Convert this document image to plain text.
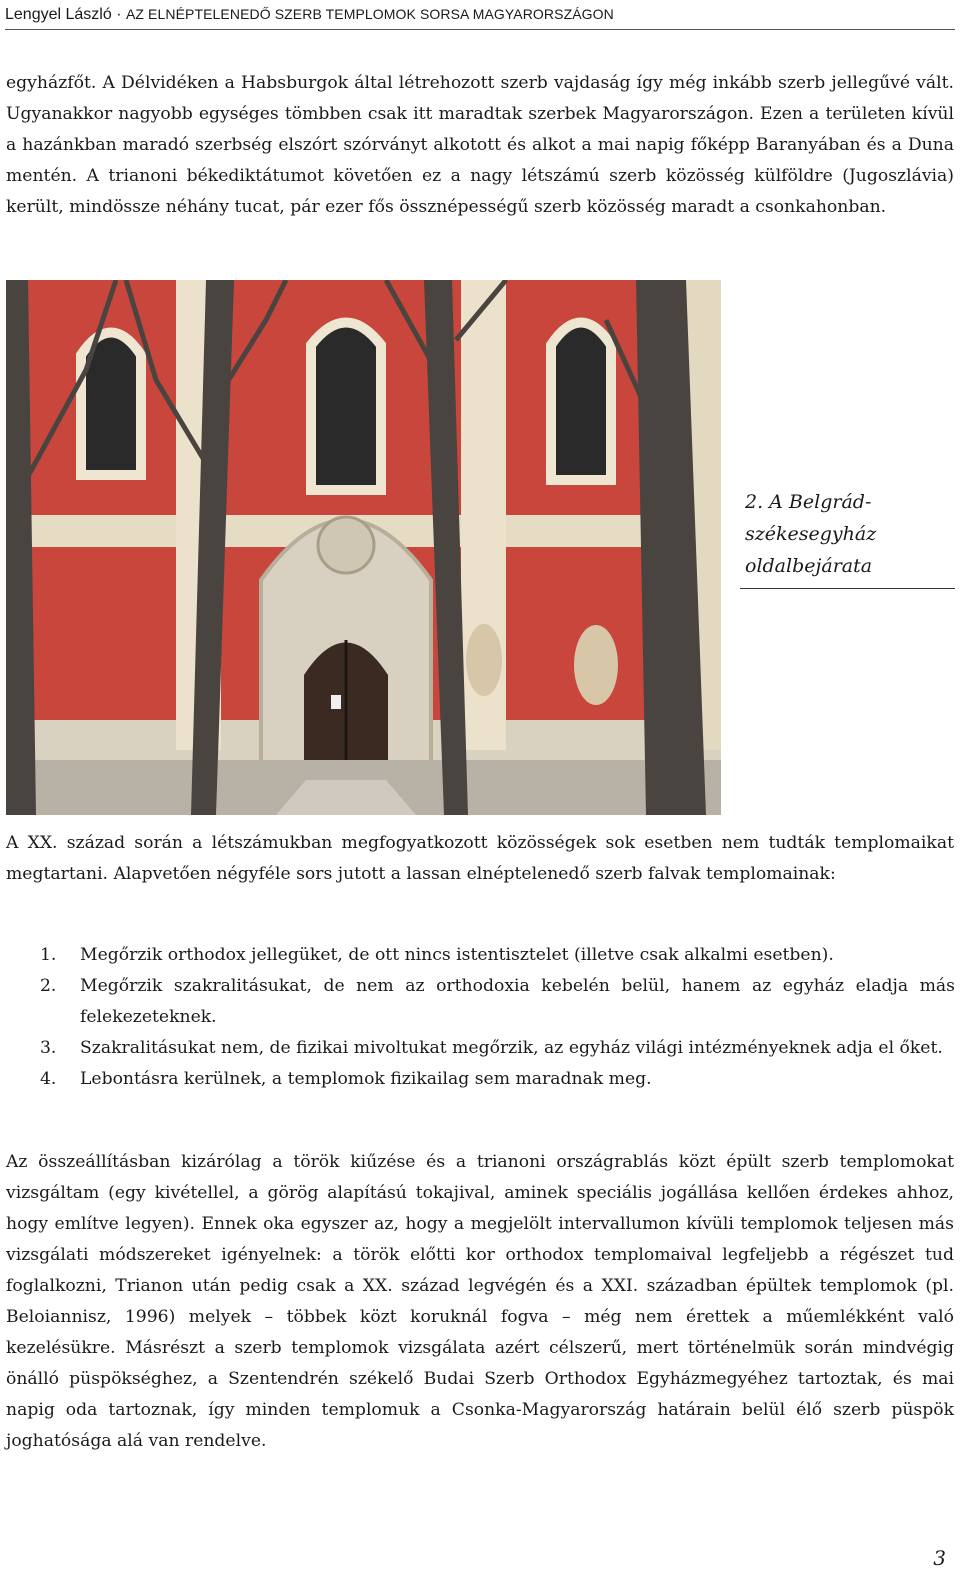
Lengyel László · AZ ELNÉPTELENEDŐ SZERB TEMPLOMOK SORSA MAGYARORSZÁGON

egyházfőt. A Délvidéken a Habsburgok által létrehozott szerb vajdaság így még inkább szerb jellegűvé vált. Ugyanakkor nagyobb egységes tömbben csak itt maradtak szerbek Magyarországon. Ezen a területen kívül a hazánkban maradó szerbség elszórt szórványt alkotott és alkot a mai napig főképp Baranyában és a Duna mentén. A trianoni békediktátumot követően ez a nagy létszámú szerb közösség külföldre (Jugoszlávia) került, mindössze néhány tucat, pár ezer fős össznépességű szerb közösség maradt a csonkahonban.

2. A Belgrád-székesegyház oldalbejárata

A XX. század során a létszámukban megfogyatkozott közösségek sok esetben nem tudták templomaikat megtartani. Alapvetően négyféle sors jutott a lassan elnéptelenedő szerb falvak templomainak:

1. Megőrzik orthodox jellegüket, de ott nincs istentisztelet (illetve csak alkalmi esetben).
2. Megőrzik szakralitásukat, de nem az orthodoxia kebelén belül, hanem az egyház eladja más felekezeteknek.
3. Szakralitásukat nem, de fizikai mivoltukat megőrzik, az egyház világi intézményeknek adja el őket.
4. Lebontásra kerülnek, a templomok fizikailag sem maradnak meg.

Az összeállításban kizárólag a török kiűzése és a trianoni országrablás közt épült szerb templomokat vizsgáltam (egy kivétellel, a görög alapítású tokajival, aminek speciális jogállása kellően érdekes ahhoz, hogy említve legyen). Ennek oka egyszer az, hogy a megjelölt intervallumon kívüli templomok teljesen más vizsgálati módszereket igényelnek: a török előtti kor orthodox templomaival legfeljebb a régészet tud foglalkozni, Trianon után pedig csak a XX. század legvégén és a XXI. században épültek templomok (pl. Beloiannisz, 1996) melyek – többek közt koruknál fogva – még nem érettek a műemlékként való kezelésükre. Másrészt a szerb templomok vizsgálata azért célszerű, mert történelmük során mindvégig önálló püspökséghez, a Szentendrén székelő Budai Szerb Orthodox Egyházmegyéhez tartoztak, és mai napig oda tartoznak, így minden templomuk a Csonka-Magyarország határain belül élő szerb püspök joghatósága alá van rendelve.

3
